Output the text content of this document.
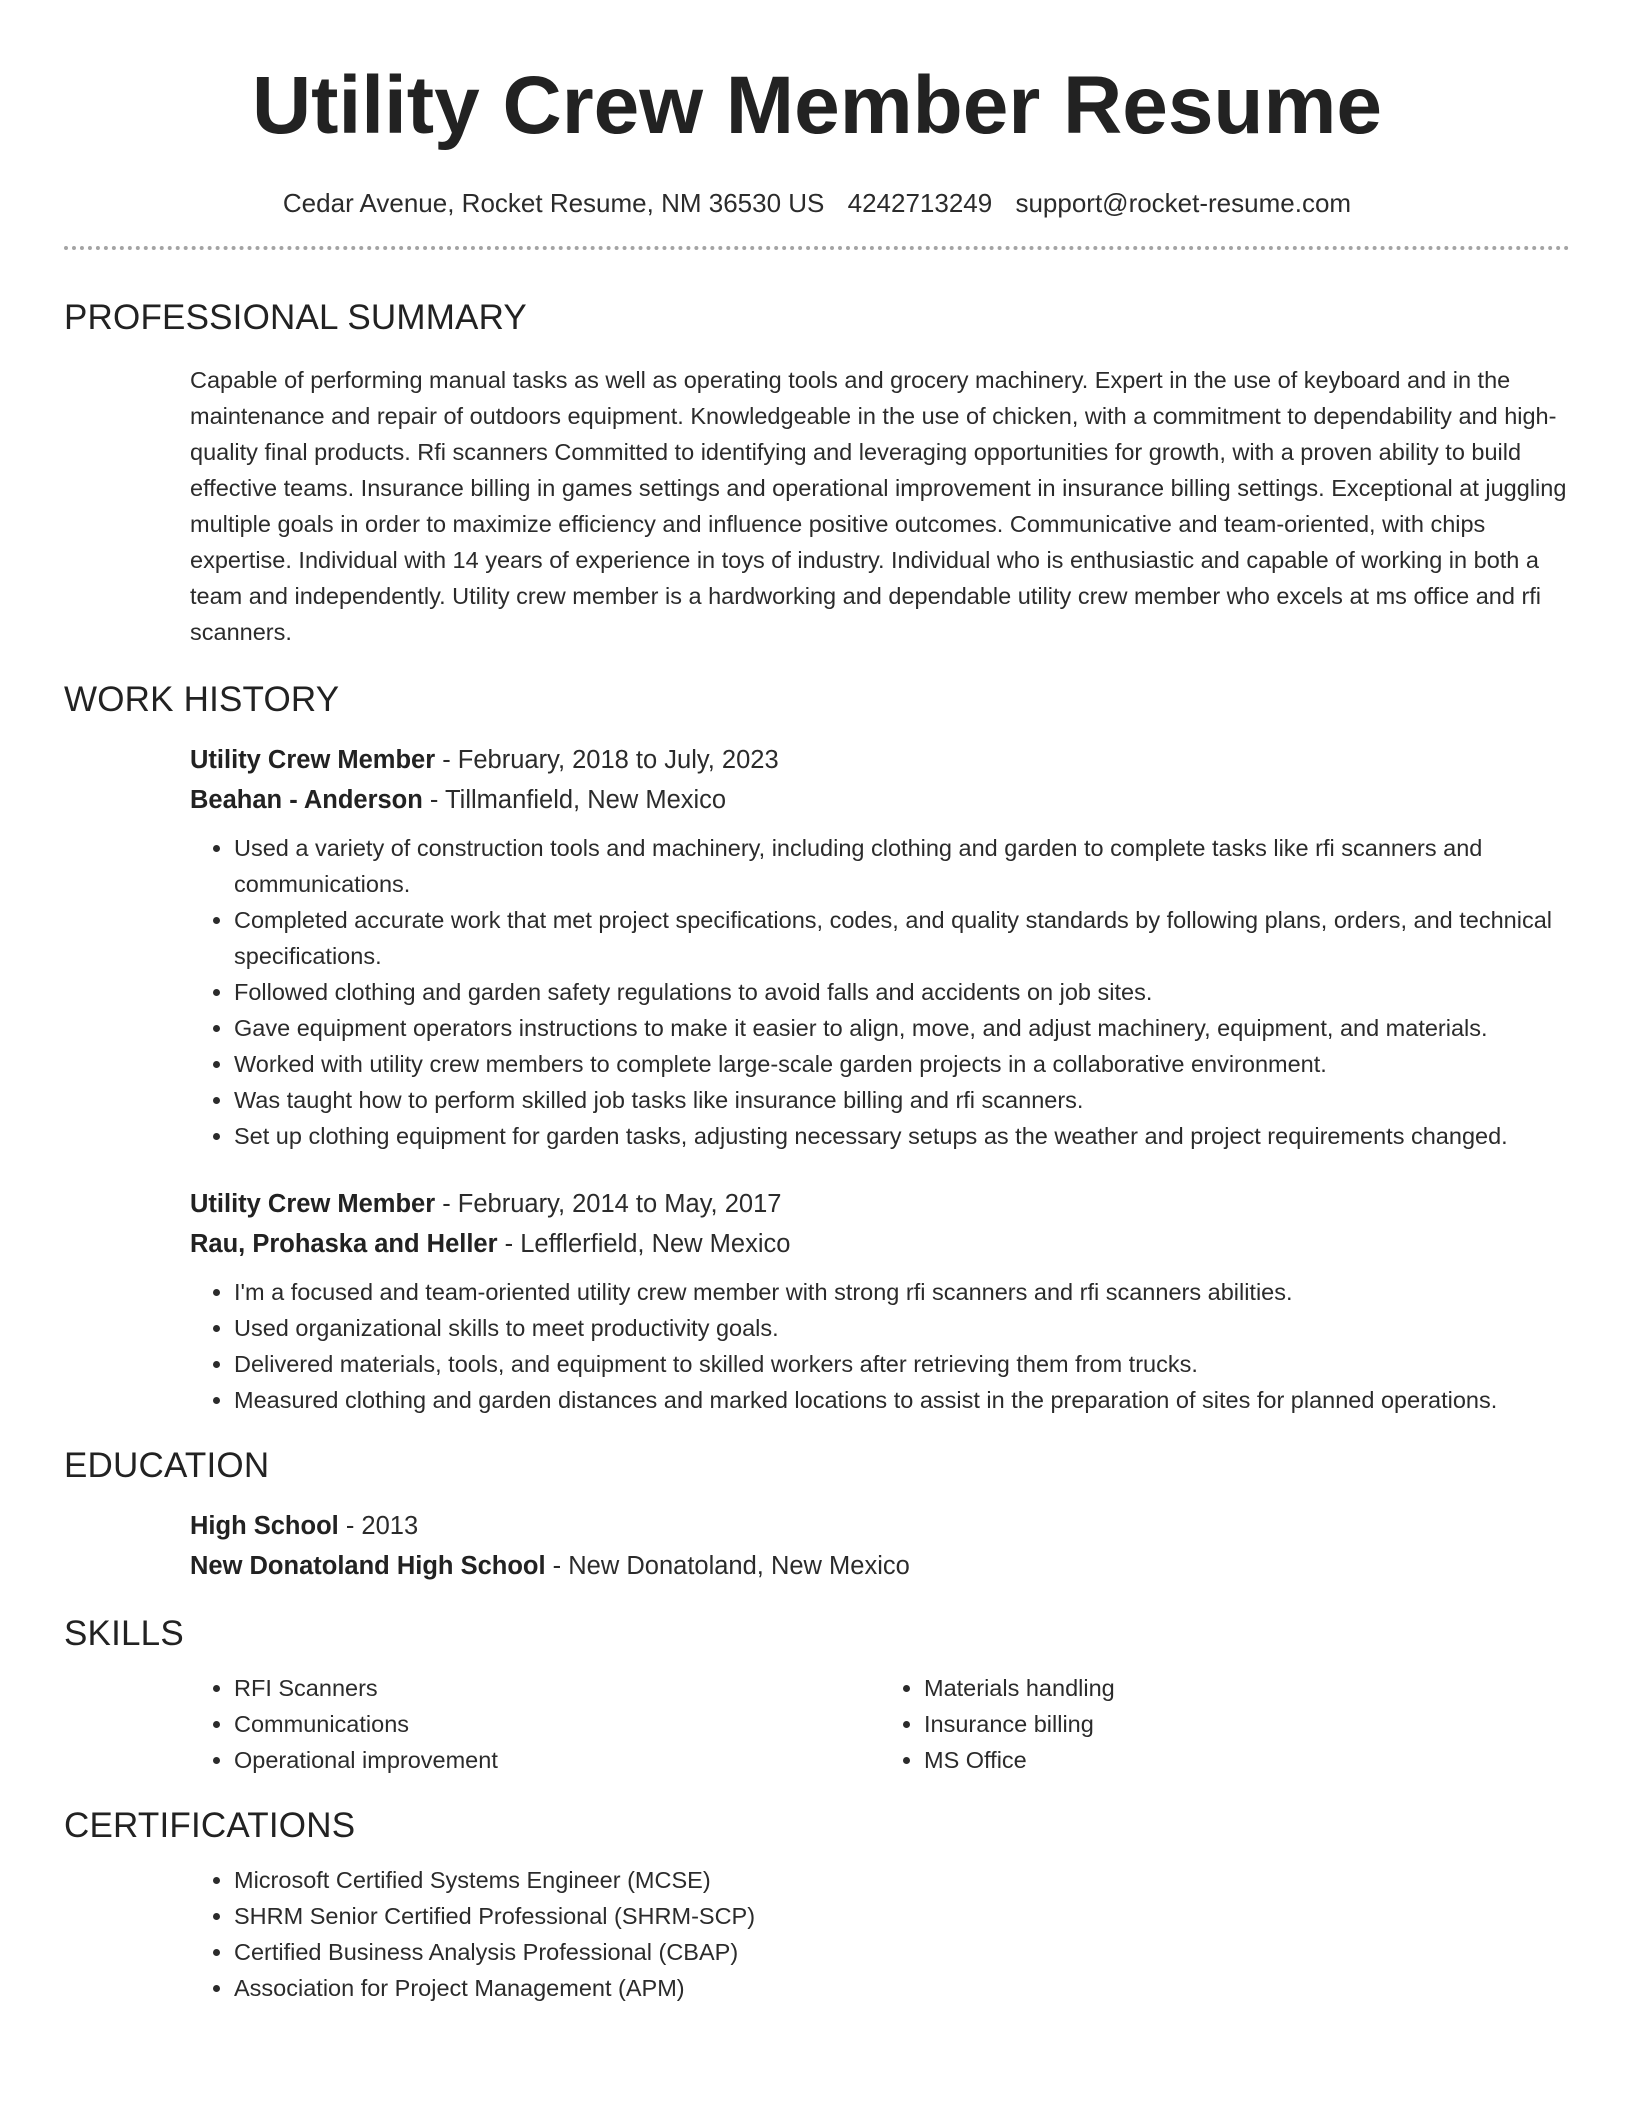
Utility Crew Member Resume
Cedar Avenue, Rocket Resume, NM 36530 US 4242713249 support@rocket-resume.com
PROFESSIONAL SUMMARY

Capable of performing manual tasks as well as operating tools and grocery machinery. Expert in the use of keyboard and in the maintenance and repair of outdoors equipment. Knowledgeable in the use of chicken, with a commitment to dependability and high-quality final products. Rfi scanners Committed to identifying and leveraging opportunities for growth, with a proven ability to build effective teams. Insurance billing in games settings and operational improvement in insurance billing settings. Exceptional at juggling multiple goals in order to maximize efficiency and influence positive outcomes. Communicative and team-oriented, with chips expertise. Individual with 14 years of experience in toys of industry. Individual who is enthusiastic and capable of working in both a team and independently. Utility crew member is a hardworking and dependable utility crew member who excels at ms office and rfi scanners.

WORK HISTORY
Utility Crew Member - February, 2018 to July, 2023
Beahan - Anderson - Tillmanfield, New Mexico
• Used a variety of construction tools and machinery, including clothing and garden to complete tasks like rfi scanners and communications.
• Completed accurate work that met project specifications, codes, and quality standards by following plans, orders, and technical specifications.
• Followed clothing and garden safety regulations to avoid falls and accidents on job sites.
• Gave equipment operators instructions to make it easier to align, move, and adjust machinery, equipment, and materials.
• Worked with utility crew members to complete large-scale garden projects in a collaborative environment.
• Was taught how to perform skilled job tasks like insurance billing and rfi scanners.
• Set up clothing equipment for garden tasks, adjusting necessary setups as the weather and project requirements changed.
Utility Crew Member - February, 2014 to May, 2017
Rau, Prohaska and Heller - Lefflerfield, New Mexico
• I'm a focused and team-oriented utility crew member with strong rfi scanners and rfi scanners abilities.
• Used organizational skills to meet productivity goals.
• Delivered materials, tools, and equipment to skilled workers after retrieving them from trucks.
• Measured clothing and garden distances and marked locations to assist in the preparation of sites for planned operations.
EDUCATION
High School - 2013
New Donatoland High School - New Donatoland, New Mexico
SKILLS
• RFI Scanners
• Communications
• Operational improvement
• Materials handling
• Insurance billing
• MS Office
CERTIFICATIONS
• Microsoft Certified Systems Engineer (MCSE)
• SHRM Senior Certified Professional (SHRM-SCP)
• Certified Business Analysis Professional (CBAP)
• Association for Project Management (APM)
